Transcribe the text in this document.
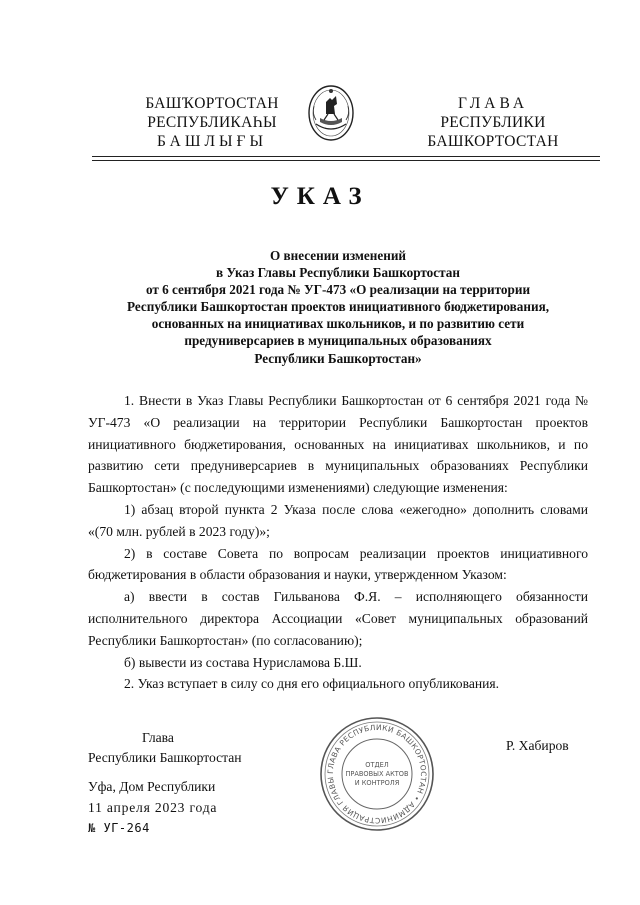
БАШҠОРТОСТАН
РЕСПУБЛИКАҺЫ
БАШЛЫҒЫ
ГЛАВА
РЕСПУБЛИКИ
БАШКОРТОСТАН
УКАЗ
О внесении изменений
в Указ Главы Республики Башкортостан
от 6 сентября 2021 года № УГ-473 «О реализации на территории
Республики Башкортостан проектов инициативного бюджетирования,
основанных на инициативах школьников, и по развитию сети
предуниверсариев в муниципальных образованиях
Республики Башкортостан»

1. Внести в Указ Главы Республики Башкортостан от 6 сентября 2021 года № УГ-473 «О реализации на территории Республики Башкортостан проектов инициативного бюджетирования, основанных на инициативах школьников, и по развитию сети предуниверсариев в муниципальных образованиях Республики Башкортостан» (с последующими изменениями) следующие изменения:

1) абзац второй пункта 2 Указа после слова «ежегодно» дополнить словами «(70 млн. рублей в 2023 году)»;

2) в составе Совета по вопросам реализации проектов инициативного бюджетирования в области образования и науки, утвержденном Указом:

а) ввести в состав Гильванова Ф.Я. – исполняющего обязанности исполнительного директора Ассоциации «Совет муниципальных образований Республики Башкортостан» (по согласованию);

б) вывести из состава Нурисламова Б.Ш.

2. Указ вступает в силу со дня его официального опубликования.

Глава
Республики Башкортостан
ГЛАВА РЕСПУБЛИКИ БАШКОРТОСТАН • АДМИНИСТРАЦИЯ ГЛАВЫ
ОТДЕЛ
ПРАВОВЫХ АКТОВ
И КОНТРОЛЯ
Р. Хабиров
Уфа, Дом Республики
11 апреля 2023 года
№ УГ-264
